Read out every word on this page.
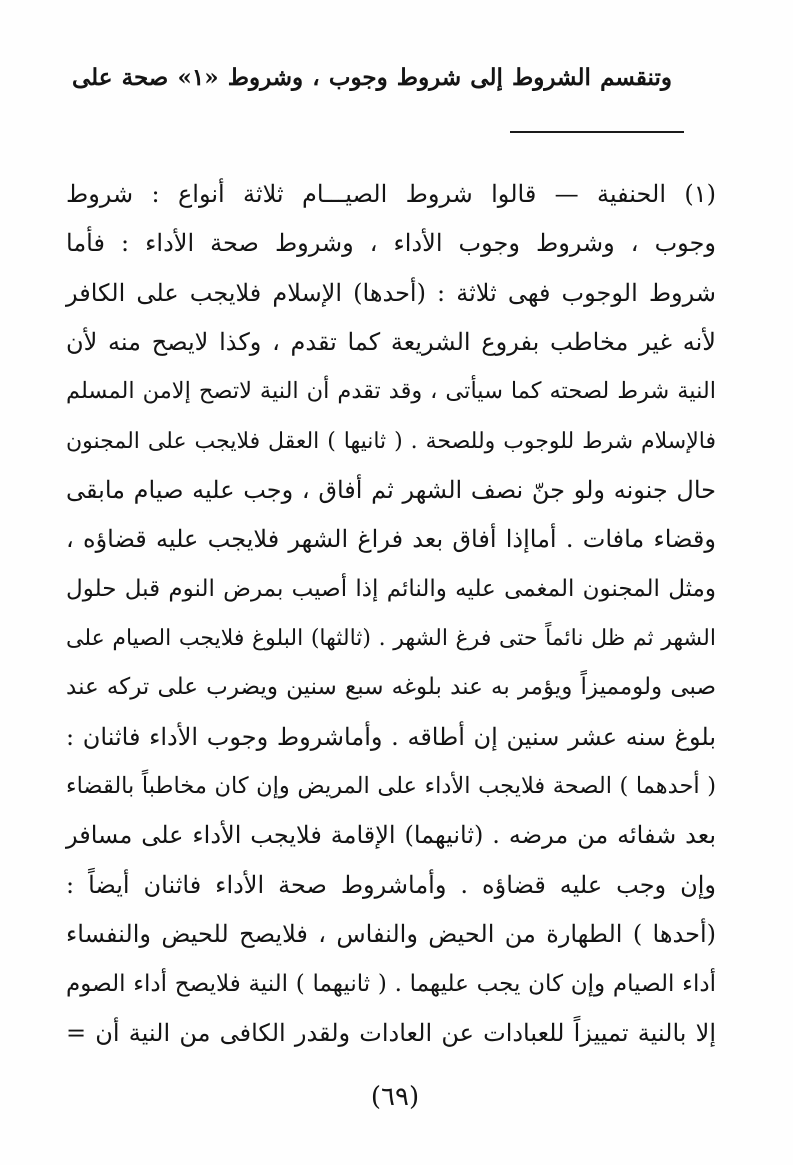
وتنقسم الشروط إلى شروط وجوب ، وشروط «١» صحة على
(١) الحنفية — قالوا شروط الصيـــام ثلاثة أنواع : شروط
وجوب ، وشروط وجوب الأداء ، وشروط صحة الأداء : فأما
شروط الوجوب فهى ثلاثة : (أحدها) الإسلام فلايجب على الكافر
لأنه غير مخاطب بفروع الشريعة كما تقدم ، وكذا لايصح منه لأن
النية شرط لصحته كما سيأتى ، وقد تقدم أن النية لاتصح إلامن المسلم
فالإسلام شرط للوجوب وللصحة . ( ثانيها ) العقل فلايجب على المجنون
حال جنونه ولو جنّ نصف الشهر ثم أفاق ، وجب عليه صيام مابقى
وقضاء مافات . أماإذا أفاق بعد فراغ الشهر فلايجب عليه قضاؤه ،
ومثل المجنون المغمى عليه والنائم إذا أصيب بمرض النوم قبل حلول
الشهر ثم ظل نائماً حتى فرغ الشهر . (ثالثها) البلوغ فلايجب الصيام على
صبى ولومميزاً ويؤمر به عند بلوغه سبع سنين ويضرب على تركه عند
بلوغ سنه عشر سنين إن أطاقه . وأماشروط وجوب الأداء فاثنان :
( أحدهما ) الصحة فلايجب الأداء على المريض وإن كان مخاطباً بالقضاء
بعد شفائه من مرضه . (ثانيهما) الإقامة فلايجب الأداء على مسافر
وإن وجب عليه قضاؤه . وأماشروط صحة الأداء فاثنان أيضاً :
(أحدها ) الطهارة من الحيض والنفاس ، فلايصح للحيض والنفساء
أداء الصيام وإن كان يجب عليهما . ( ثانيهما ) النية فلايصح أداء الصوم
إلا بالنية تمييزاً للعبادات عن العادات ولقدر الكافى من النية أن =
(٦٩)
